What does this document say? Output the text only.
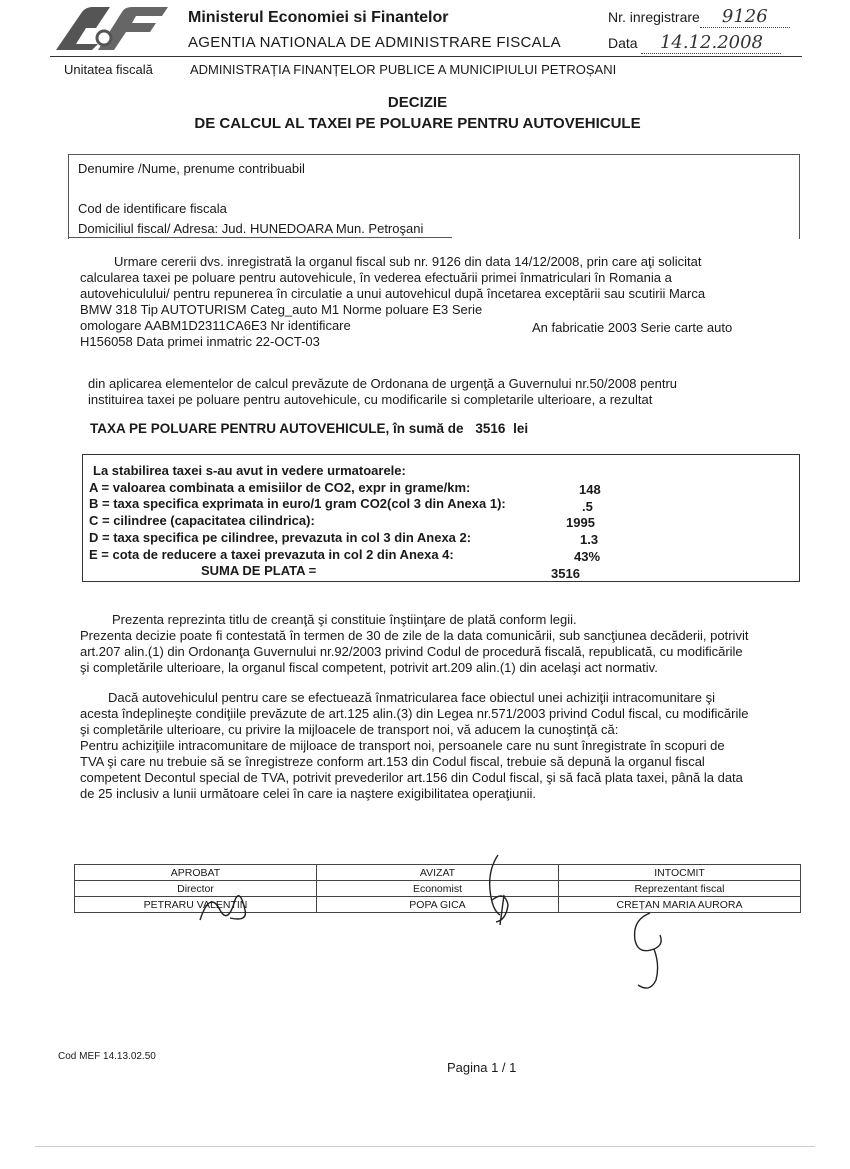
Ministerul Economiei si Finantelor
AGENTIA NATIONALA DE ADMINISTRARE FISCALA
Nr. inregistrare 9126
Data 14.12.2008
Unitatea fiscală	ADMINISTRAȚIA FINANȚELOR PUBLICE A MUNICIPIULUI PETROȘANI
DECIZIE
DE CALCUL AL TAXEI PE POLUARE PENTRU AUTOVEHICULE
Denumire /Nume, prenume contribuabil
Cod de identificare fiscala
Domiciliul fiscal/ Adresa: Jud. HUNEDOARA Mun. Petroşani
Urmare cererii dvs. inregistrată la organul fiscal sub nr. 9126 din data 14/12/2008, prin care aţi solicitat
calcularea taxei pe poluare pentru autovehicule, în vederea efectuării primei înmatriculari în Romania a
autovehiculului/ pentru repunerea în circulatie a unui autovehicul după încetarea exceptării sau scutirii Marca
BMW 318 Tip AUTOTURISM Categ_auto M1 Norme poluare E3 Serie
omologare AABM1D2311CA6E3 Nr identificare
H156058 Data primei inmatric 22-OCT-03
An fabricatie 2003 Serie carte auto
din aplicarea elementelor de calcul prevăzute de Ordonana de urgenţă a Guvernului nr.50/2008 pentru
instituirea taxei pe poluare pentru autovehicule, cu modificarile si completarile ulterioare, a rezultat
TAXA PE POLUARE PENTRU AUTOVEHICULE, în sumă de 3516 lei
La stabilirea taxei s-au avut in vedere urmatoarele:
A = valoarea combinata a emisiilor de CO2, expr in grame/km:	148
B = taxa specifica exprimata in euro/1 gram CO2(col 3 din Anexa 1):	.5
C = cilindree (capacitatea cilindrica):	1995
D = taxa specifica pe cilindree, prevazuta in col 3 din Anexa 2:	1.3
E = cota de reducere a taxei prevazuta in col 2 din Anexa 4:	43%
SUMA DE PLATA =	3516
Prezenta reprezinta titlu de creanţă şi constituie înştiinţare de plată conform legii.
Prezenta decizie poate fi contestată în termen de 30 de zile de la data comunicării, sub sancţiunea decăderii, potrivit
art.207 alin.(1) din Ordonanţa Guvernului nr.92/2003 privind Codul de procedură fiscală, republicată, cu modificările
şi completările ulterioare, la organul fiscal competent, potrivit art.209 alin.(1) din acelaşi act normativ.
Dacă autovehiculul pentru care se efectuează înmatricularea face obiectul unei achiziţii intracomunitare şi
acesta îndeplineşte condiţiile prevăzute de art.125 alin.(3) din Legea nr.571/2003 privind Codul fiscal, cu modificările
şi completările ulterioare, cu privire la mijloacele de transport noi, vă aducem la cunoştinţă că:
Pentru achiziţiile intracomunitare de mijloace de transport noi, persoanele care nu sunt înregistrate în scopuri de
TVA şi care nu trebuie să se înregistreze conform art.153 din Codul fiscal, trebuie să depună la organul fiscal
competent Decontul special de TVA, potrivit prevederilor art.156 din Codul fiscal, şi să facă plata taxei, până la data
de 25 inclusiv a lunii următoare celei în care ia naştere exigibilitatea operaţiunii.
APROBAT	AVIZAT	INTOCMIT
Director	Economist	Reprezentant fiscal
PETRARU VALENTIN	POPA GICA	CREȚAN MARIA AURORA
Cod MEF 14.13.02.50
Pagina 1 / 1
